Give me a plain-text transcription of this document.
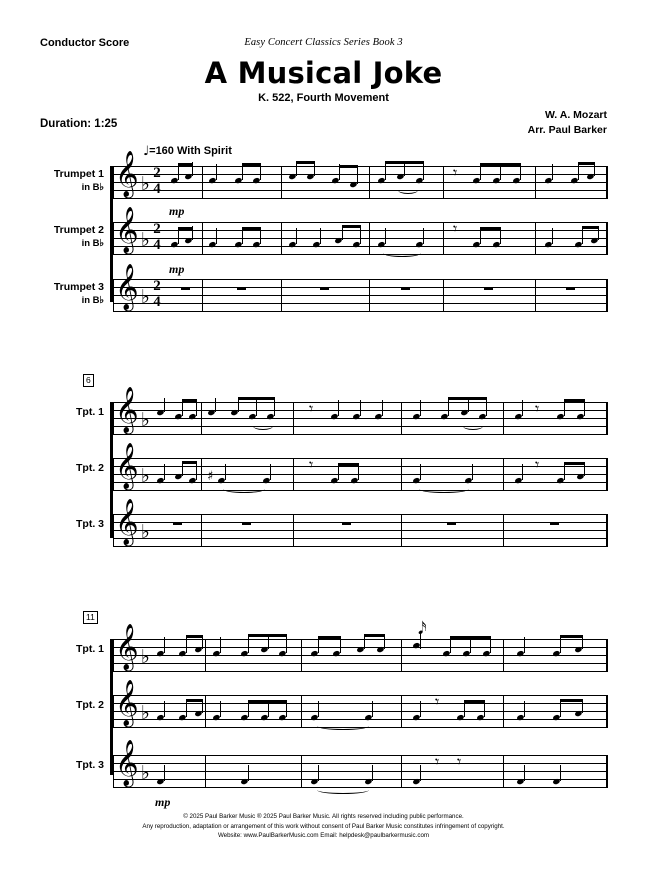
Conductor Score	Easy Concert Classics Series Book 3
A Musical Joke
K. 522, Fourth Movement
Duration: 1:25
W. A. Mozart
Arr. Paul Barker
♩=160 With Spirit
Trumpet 1
in B♭ 𝄞 ♭ 2
4
𝄾
mp
Trumpet 2
in B♭ 𝄞 ♭ 2
4
𝄾
mp
Trumpet 3
in B♭ 𝄞 ♭ 2
4
6
Tpt. 1 𝄞 ♭
𝄾	𝄾
Tpt. 2 𝄞 ♭	♯
𝄾	𝄾
Tpt. 3 𝄞 ♭
11
Tpt. 1 𝄞 ♭
𝅘𝅥𝅯
Tpt. 2 𝄞 ♭
𝄾
Tpt. 3 𝄞 ♭
𝄾 𝄾
mp
© 2025 Paul Barker Music ® 2025 Paul Barker Music. All rights reserved including public performance.
Any reproduction, adaptation or arrangement of this work without consent of Paul Barker Music constitutes infringement of copyright.
Website: www.PaulBarkerMusic.com Email: helpdesk@paulbarkermusic.com
